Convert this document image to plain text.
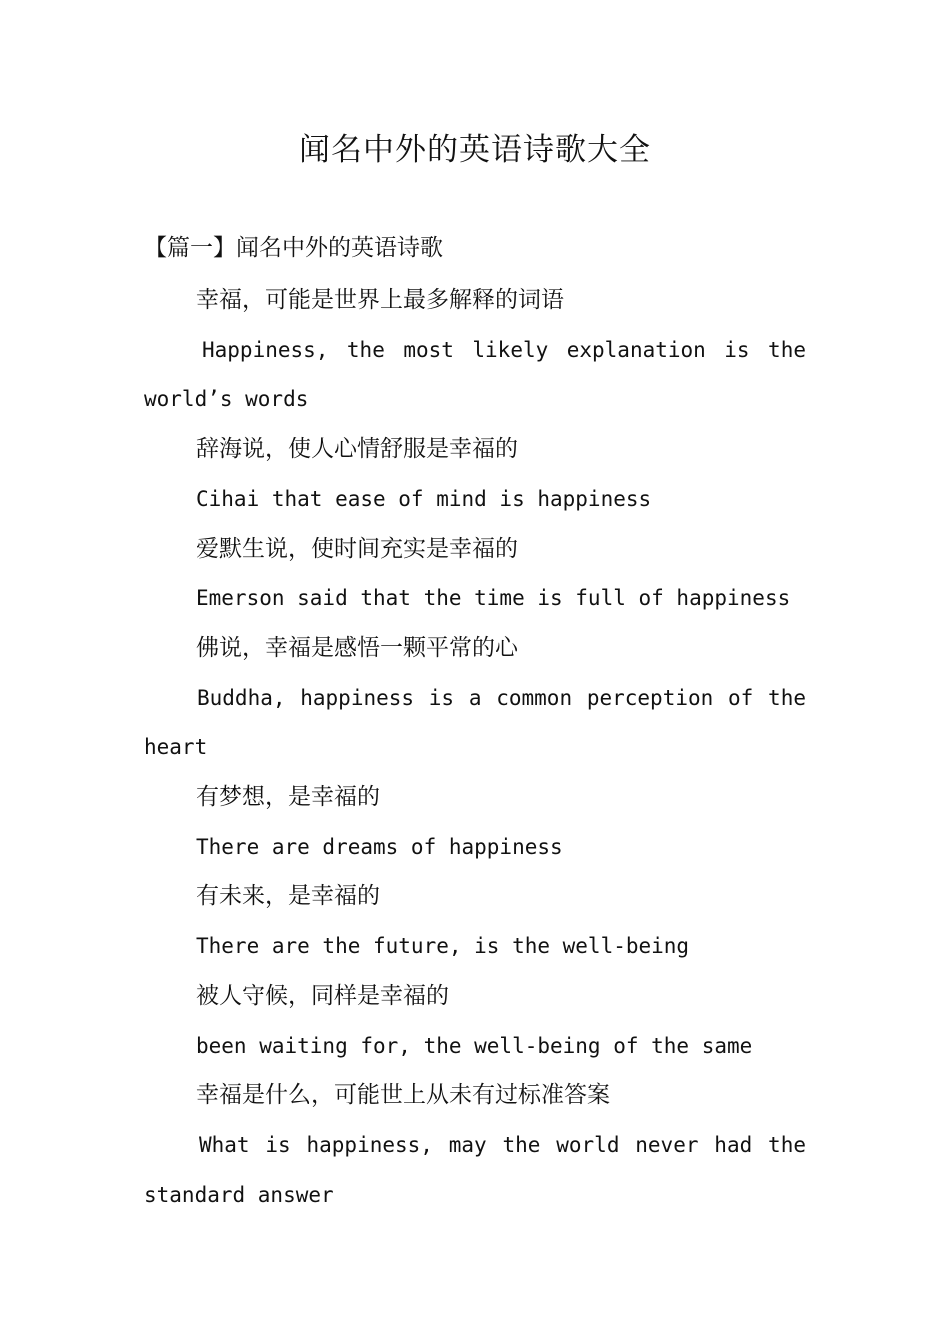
闻名中外的英语诗歌大全
【篇一】闻名中外的英语诗歌

幸福，可能是世界上最多解释的词语

Happiness, the most likely explanation is the world’s words

辞海说，使人心情舒服是幸福的

Cihai that ease of mind is happiness

爱默生说，使时间充实是幸福的

Emerson said that the time is full of happiness

佛说，幸福是感悟一颗平常的心

Buddha, happiness is a common perception of the heart

有梦想，是幸福的

There are dreams of happiness

有未来，是幸福的

There are the future, is the well-being

被人守候，同样是幸福的

been waiting for, the well-being of the same

幸福是什么，可能世上从未有过标准答案

What is happiness, may the world never had the standard answer
